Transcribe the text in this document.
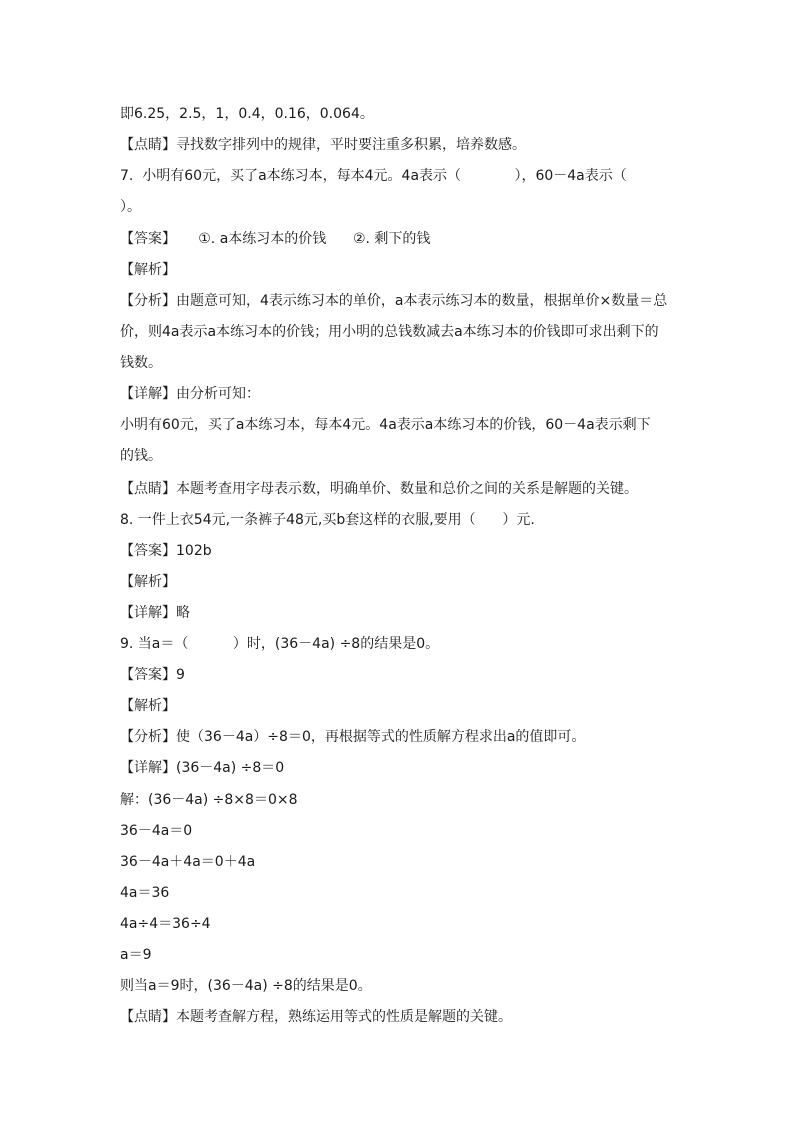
即6.25，2.5，1，0.4，0.16，0.064。
【点睛】寻找数字排列中的规律，平时要注重多积累，培养数感。
7.  小明有60元，买了a本练习本，每本4元。4a表示（            ），60－4a表示（
）。
【答案】     ①. a本练习本的价钱      ②. 剩下的钱
【解析】
【分析】由题意可知，4表示练习本的单价，a本表示练习本的数量，根据单价×数量＝总
价，则4a表示a本练习本的价钱；用小明的总钱数减去a本练习本的价钱即可求出剩下的
钱数。
【详解】由分析可知：
小明有60元，买了a本练习本，每本4元。4a表示a本练习本的价钱，60－4a表示剩下
的钱。
【点睛】本题考查用字母表示数，明确单价、数量和总价之间的关系是解题的关键。
8. 一件上衣54元,一条裤子48元,买b套这样的衣服,要用（      ）元.
【答案】102b
【解析】
【详解】略
9. 当a＝（          ）时，(36－4a) ÷8的结果是0。
【答案】9
【解析】
【分析】使（36－4a）÷8＝0，再根据等式的性质解方程求出a的值即可。
【详解】(36－4a) ÷8＝0
解：(36－4a) ÷8×8＝0×8
36－4a＝0
36－4a＋4a＝0＋4a
4a＝36
4a÷4＝36÷4
a＝9
则当a＝9时，(36－4a) ÷8的结果是0。
【点睛】本题考查解方程，熟练运用等式的性质是解题的关键。
